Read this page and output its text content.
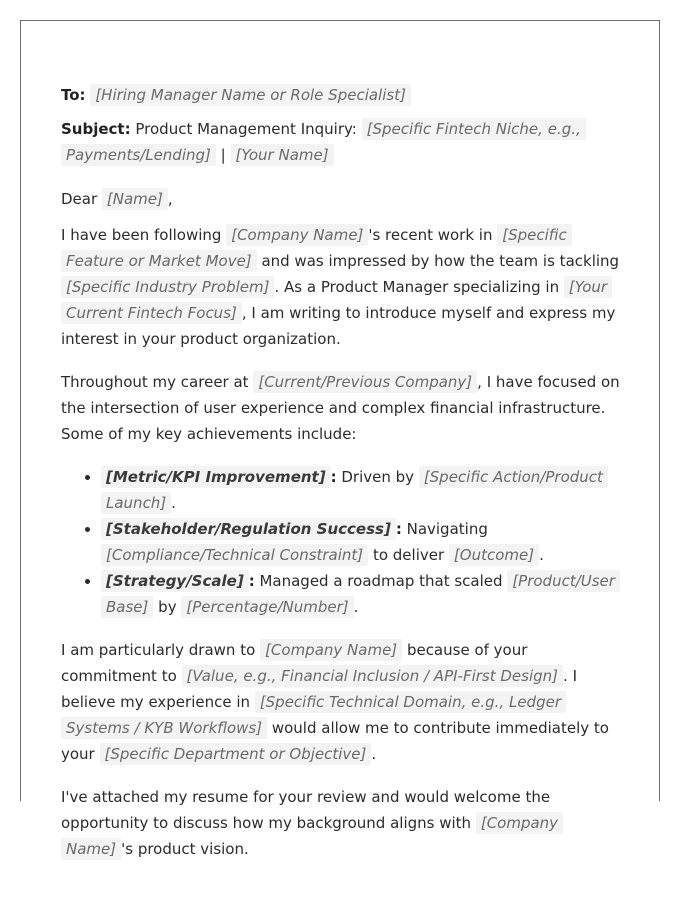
To: [Hiring Manager Name or Role Specialist]

Subject: Product Management Inquiry: [Specific Fintech Niche, e.g., Payments/Lending] | [Your Name]

Dear [Name] ,

I have been following [Company Name] 's recent work in [Specific Feature or Market Move] and was impressed by how the team is tackling [Specific Industry Problem] . As a Product Manager specializing in [Your Current Fintech Focus] , I am writing to introduce myself and express my interest in your product organization.

Throughout my career at [Current/Previous Company] , I have focused on the intersection of user experience and complex financial infrastructure. Some of my key achievements include:

• [Metric/KPI Improvement] : Driven by [Specific Action/Product Launch] .
• [Stakeholder/Regulation Success] : Navigating [Compliance/Technical Constraint] to deliver [Outcome] .
• [Strategy/Scale] : Managed a roadmap that scaled [Product/User Base] by [Percentage/Number] .

I am particularly drawn to [Company Name] because of your commitment to [Value, e.g., Financial Inclusion / API-First Design] . I believe my experience in [Specific Technical Domain, e.g., Ledger Systems / KYB Workflows] would allow me to contribute immediately to your [Specific Department or Objective] .

I've attached my resume for your review and would welcome the opportunity to discuss how my background aligns with [Company Name] 's product vision.
